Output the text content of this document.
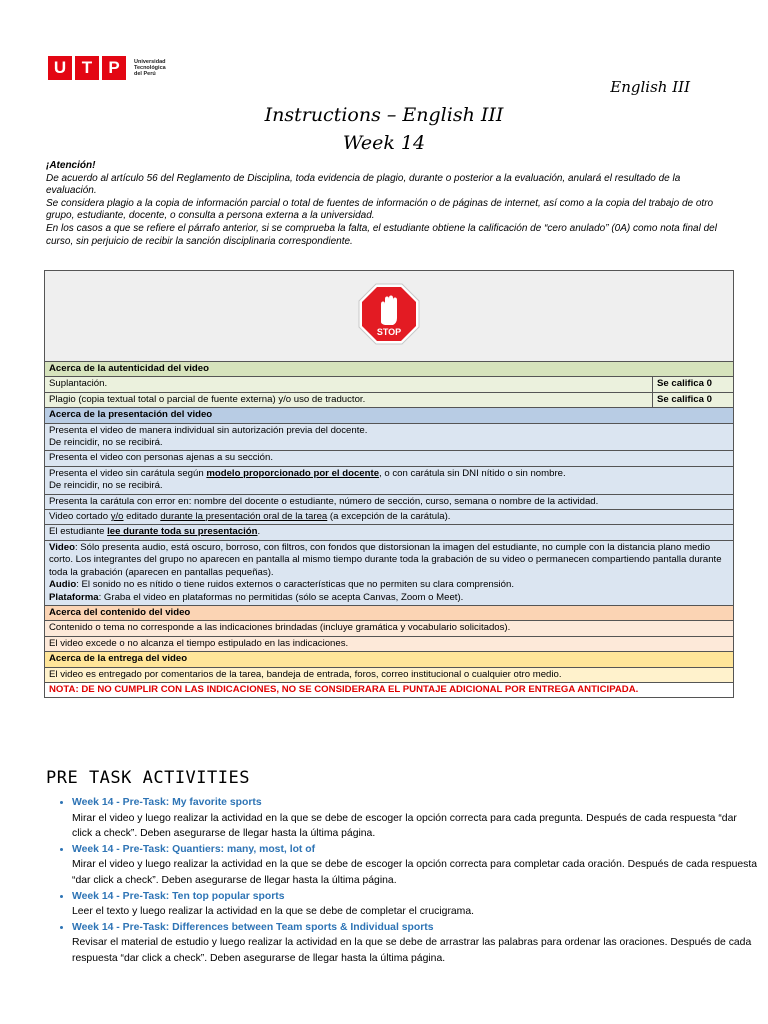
U T P	Universidad
Tecnológica
del Perú
English III
Instructions – English III
Week 14
¡Atención!
De acuerdo al artículo 56 del Reglamento de Disciplina, toda evidencia de plagio, durante o posterior a la evaluación, anulará el resultado de la evaluación.
Se considera plagio a la copia de información parcial o total de fuentes de información o de páginas de internet, así como a la copia del trabajo de otro grupo, estudiante, docente, o consulta a persona externa a la universidad.
En los casos a que se refiere el párrafo anterior, si se comprueba la falta, el estudiante obtiene la calificación de “cero anulado” (0A) como nota final del curso, sin perjuicio de recibir la sanción disciplinaria correspondiente.
STOP	

Acerca de la autenticidad del video	
Suplantación.	Se califica 0
Plagio (copia textual total o parcial de fuente externa) y/o uso de traductor.	Se califica 0
Acerca de la presentación del video	

Presenta el video de manera individual sin autorización previa del docente.
De reincidir, no se recibirá.	

Presenta el video con personas ajenas a su sección.	

Presenta el video sin carátula según modelo proporcionado por el docente, o con carátula sin DNI nítido o sin nombre.
De reincidir, no se recibirá.	

Presenta la carátula con error en: nombre del docente o estudiante, número de sección, curso, semana o nombre de la actividad.	
Video cortado y/o editado durante la presentación oral de la tarea (a excepción de la carátula).	
El estudiante lee durante toda su presentación.	

Video: Sólo presenta audio, está oscuro, borroso, con filtros, con fondos que distorsionan la imagen del estudiante, no cumple con la distancia plano medio corto. Los integrantes del grupo no aparecen en pantalla al mismo tiempo durante toda la grabación de su video o permanecen compartiendo pantalla durante toda la grabación (aparecen en pantallas pequeñas).
Audio: El sonido no es nítido o tiene ruidos externos o características que no permiten su clara comprensión.
Plataforma: Graba el video en plataformas no permitidas (sólo se acepta Canvas, Zoom o Meet).	

Acerca del contenido del video	
Contenido o tema no corresponde a las indicaciones brindadas (incluye gramática y vocabulario solicitados).	
El video excede o no alcanza el tiempo estipulado en las indicaciones.	
Acerca de la entrega del video	
El video es entregado por comentarios de la tarea, bandeja de entrada, foros, correo institucional o cualquier otro medio.	
NOTA: DE NO CUMPLIR CON LAS INDICACIONES, NO SE CONSIDERARA EL PUNTAJE ADICIONAL POR ENTREGA ANTICIPADA.	
PRE TASK ACTIVITIES
• Week 14 - Pre-Task: My favorite sports
Mirar el video y luego realizar la actividad en la que se debe de escoger la opción correcta para cada pregunta. Después de cada respuesta “dar click a check”. Deben asegurarse de llegar hasta la última página.
• Week 14 - Pre-Task: Quantiers: many, most, lot of
Mirar el video y luego realizar la actividad en la que se debe de escoger la opción correcta para completar cada oración. Después de cada respuesta “dar click a check”. Deben asegurarse de llegar hasta la última página.
• Week 14 - Pre-Task: Ten top popular sports
Leer el texto y luego realizar la actividad en la que se debe de completar el crucigrama.
• Week 14 - Pre-Task: Differences between Team sports & Individual sports
Revisar el material de estudio y luego realizar la actividad en la que se debe de arrastrar las palabras para ordenar las oraciones. Después de cada respuesta “dar click a check”. Deben asegurarse de llegar hasta la última página.
